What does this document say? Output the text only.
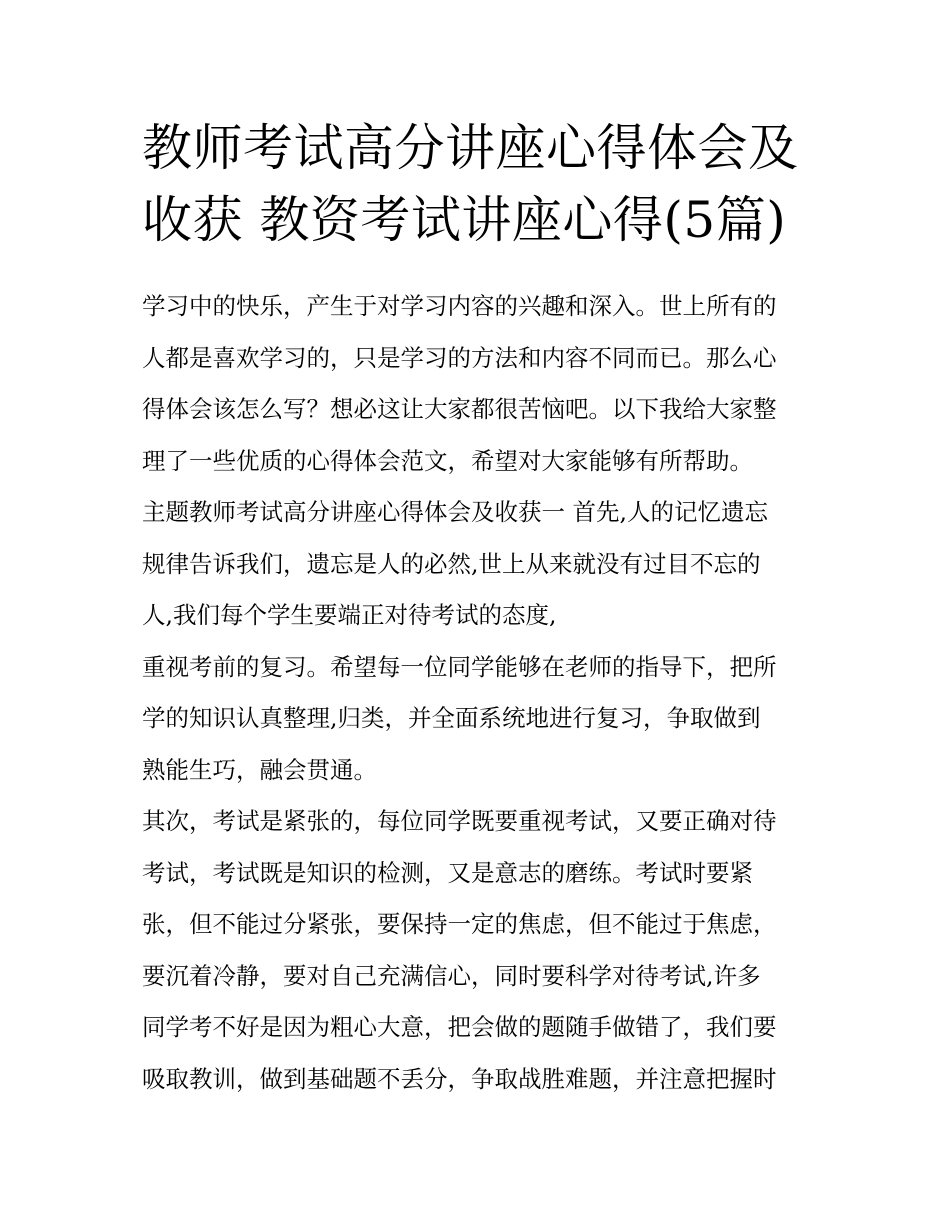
教师考试高分讲座心得体会及
收获 教资考试讲座心得(5篇)
学习中的快乐，产生于对学习内容的兴趣和深入。世上所有的
人都是喜欢学习的，只是学习的方法和内容不同而已。那么心
得体会该怎么写？想必这让大家都很苦恼吧。以下我给大家整
理了一些优质的心得体会范文，希望对大家能够有所帮助。
主题教师考试高分讲座心得体会及收获一 首先,人的记忆遗忘
规律告诉我们，遗忘是人的必然,世上从来就没有过目不忘的
人,我们每个学生要端正对待考试的态度,
重视考前的复习。希望每一位同学能够在老师的指导下，把所
学的知识认真整理,归类，并全面系统地进行复习，争取做到
熟能生巧，融会贯通。
其次，考试是紧张的，每位同学既要重视考试，又要正确对待
考试，考试既是知识的检测，又是意志的磨练。考试时要紧
张，但不能过分紧张，要保持一定的焦虑，但不能过于焦虑，
要沉着冷静，要对自己充满信心，同时要科学对待考试,许多
同学考不好是因为粗心大意，把会做的题随手做错了，我们要
吸取教训，做到基础题不丢分，争取战胜难题，并注意把握时
